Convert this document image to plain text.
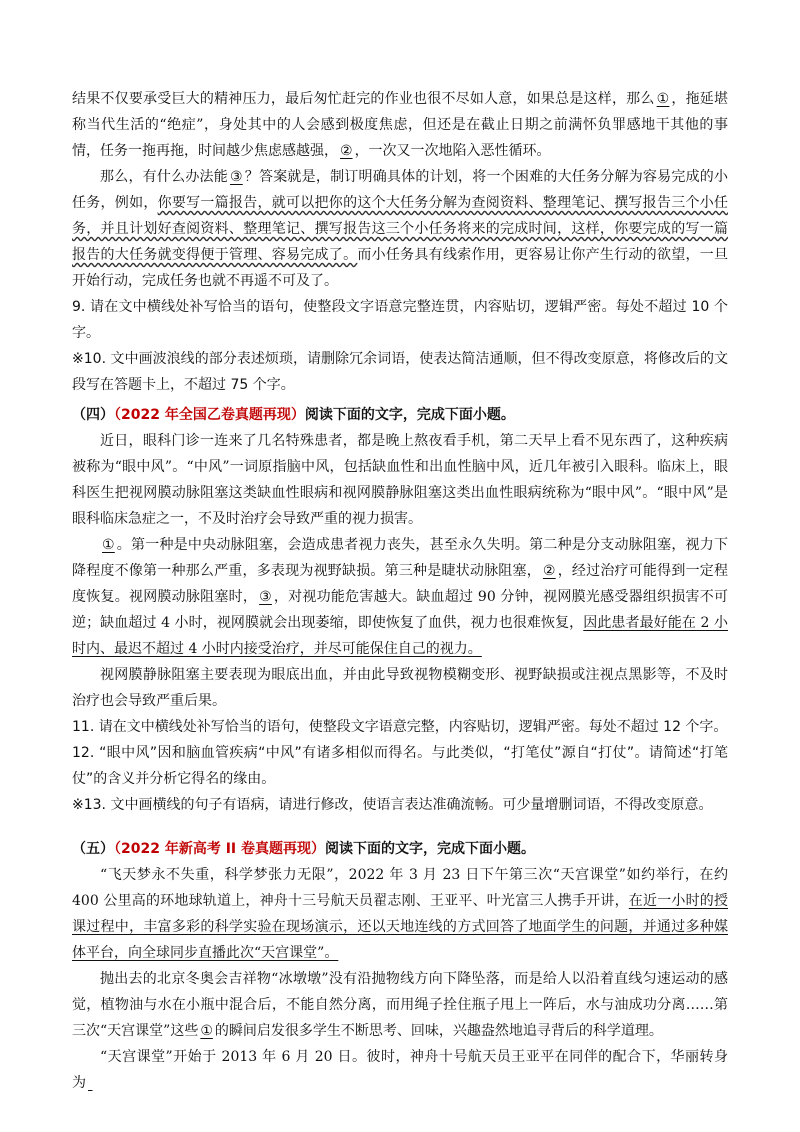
结果不仅要承受巨大的精神压力，最后匆忙赶完的作业也很不尽如人意，如果总是这样，那么 ① ，拖延堪称当代生活的“绝症”，身处其中的人会感到极度焦虑，但还是在截止日期之前满怀负罪感地干其他的事情，任务一拖再拖，时间越少焦虑感越强， ② ，一次又一次地陷入恶性循环。

那么，有什么办法能 ③ ？答案就是，制订明确具体的计划，将一个困难的大任务分解为容易完成的小任务，例如，你要写一篇报告，就可以把你的这个大任务分解为查阅资料、整理笔记、撰写报告三个小任务，并且计划好查阅资料、整理笔记、撰写报告这三个小任务将来的完成时间，这样，你要完成的写一篇报告的大任务就变得便于管理、容易完成了。而小任务具有线索作用，更容易让你产生行动的欲望，一旦开始行动，完成任务也就不再遥不可及了。

9. 请在文中横线处补写恰当的语句，使整段文字语意完整连贯，内容贴切，逻辑严密。每处不超过 10 个字。

※10. 文中画波浪线的部分表述烦琐，请删除冗余词语，使表达简洁通顺，但不得改变原意，将修改后的文段写在答题卡上，不超过 75 个字。

（四）（2022 年全国乙卷真题再现）阅读下面的文字，完成下面小题。

近日，眼科门诊一连来了几名特殊患者，都是晚上熬夜看手机，第二天早上看不见东西了，这种疾病被称为“眼中风”。“中风”一词原指脑中风，包括缺血性和出血性脑中风，近几年被引入眼科。临床上，眼科医生把视网膜动脉阻塞这类缺血性眼病和视网膜静脉阻塞这类出血性眼病统称为“眼中风”。“眼中风”是眼科临床急症之一，不及时治疗会导致严重的视力损害。

① 。第一种是中央动脉阻塞，会造成患者视力丧失，甚至永久失明。第二种是分支动脉阻塞，视力下降程度不像第一种那么严重，多表现为视野缺损。第三种是睫状动脉阻塞， ② ，经过治疗可能得到一定程度恢复。视网膜动脉阻塞时， ③ ，对视功能危害越大。缺血超过 90 分钟，视网膜光感受器组织损害不可逆；缺血超过 4 小时，视网膜就会出现萎缩，即使恢复了血供，视力也很难恢复，因此患者最好能在 2 小时内、最迟不超过 4 小时内接受治疗，并尽可能保住自己的视力。

视网膜静脉阻塞主要表现为眼底出血，并由此导致视物模糊变形、视野缺损或注视点黑影等，不及时治疗也会导致严重后果。

11. 请在文中横线处补写恰当的语句，使整段文字语意完整，内容贴切，逻辑严密。每处不超过 12 个字。

12. “眼中风”因和脑血管疾病“中风”有诸多相似而得名。与此类似，“打笔仗”源自“打仗”。请简述“打笔仗”的含义并分析它得名的缘由。

※13. 文中画横线的句子有语病，请进行修改，使语言表达准确流畅。可少量增删词语，不得改变原意。

（五）（2022 年新高考 II 卷真题再现）阅读下面的文字，完成下面小题。

“飞天梦永不失重，科学梦张力无限”，2022 年 3 月 23 日下午第三次“天宫课堂”如约举行，在约 400 公里高的环地球轨道上，神舟十三号航天员翟志刚、王亚平、叶光富三人携手开讲，在近一小时的授课过程中，丰富多彩的科学实验在现场演示，还以天地连线的方式回答了地面学生的问题，并通过多种媒体平台，向全球同步直播此次“天宫课堂”。

抛出去的北京冬奥会吉祥物“冰墩墩”没有沿抛物线方向下降坠落，而是给人以沿着直线匀速运动的感觉，植物油与水在小瓶中混合后，不能自然分离，而用绳子拴住瓶子甩上一阵后，水与油成功分离……第三次“天宫课堂”这些 ① 的瞬间启发很多学生不断思考、回味，兴趣盎然地追寻背后的科学道理。

“天宫课堂”开始于 2013 年 6 月 20 日。彼时，神舟十号航天员王亚平在同伴的配合下，华丽转身为
